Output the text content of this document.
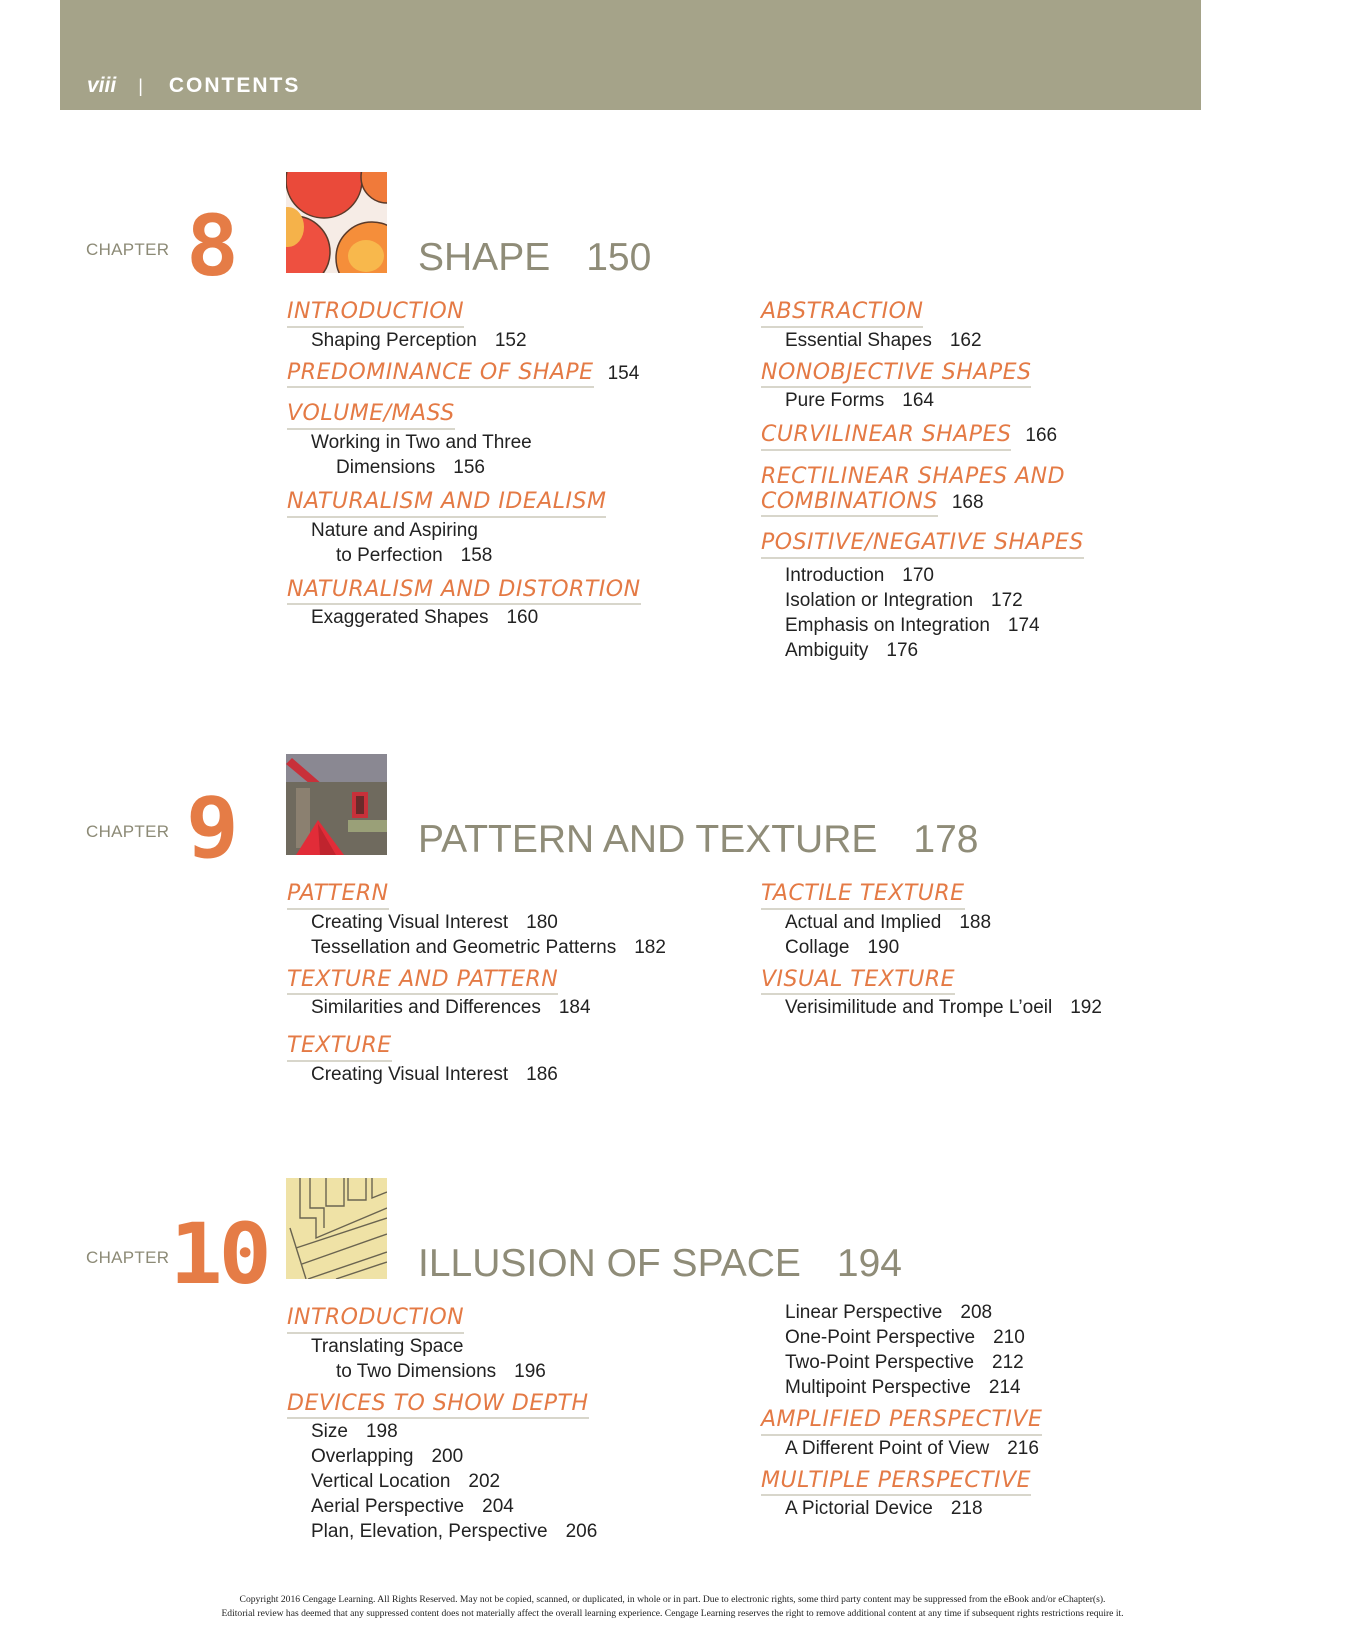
viii | CONTENTS
CHAPTER 8	SHAPE 150
INTRODUCTION
Shaping Perception 152
PREDOMINANCE OF SHAPE 154
VOLUME/MASS
Working in Two and Three
Dimensions 156
NATURALISM AND IDEALISM
Nature and Aspiring
to Perfection 158
NATURALISM AND DISTORTION
Exaggerated Shapes 160
ABSTRACTION
Essential Shapes 162
NONOBJECTIVE SHAPES
Pure Forms 164
CURVILINEAR SHAPES 166
RECTILINEAR SHAPES AND
COMBINATIONS 168
POSITIVE/NEGATIVE SHAPES
Introduction 170
Isolation or Integration 172
Emphasis on Integration 174
Ambiguity 176
CHAPTER 9	PATTERN AND TEXTURE 178
PATTERN
Creating Visual Interest 180
Tessellation and Geometric Patterns 182
TEXTURE AND PATTERN
Similarities and Differences 184
TEXTURE
Creating Visual Interest 186
TACTILE TEXTURE
Actual and Implied 188
Collage 190
VISUAL TEXTURE
Verisimilitude and Trompe L’oeil 192
CHAPTER 10	ILLUSION OF SPACE 194
INTRODUCTION
Translating Space
to Two Dimensions 196
DEVICES TO SHOW DEPTH
Size 198
Overlapping 200
Vertical Location 202
Aerial Perspective 204
Plan, Elevation, Perspective 206
Linear Perspective 208
One-Point Perspective 210
Two-Point Perspective 212
Multipoint Perspective 214
AMPLIFIED PERSPECTIVE
A Different Point of View 216
MULTIPLE PERSPECTIVE
A Pictorial Device 218
Copyright 2016 Cengage Learning. All Rights Reserved. May not be copied, scanned, or duplicated, in whole or in part. Due to electronic rights, some third party content may be suppressed from the eBook and/or eChapter(s).
Editorial review has deemed that any suppressed content does not materially affect the overall learning experience. Cengage Learning reserves the right to remove additional content at any time if subsequent rights restrictions require it.
